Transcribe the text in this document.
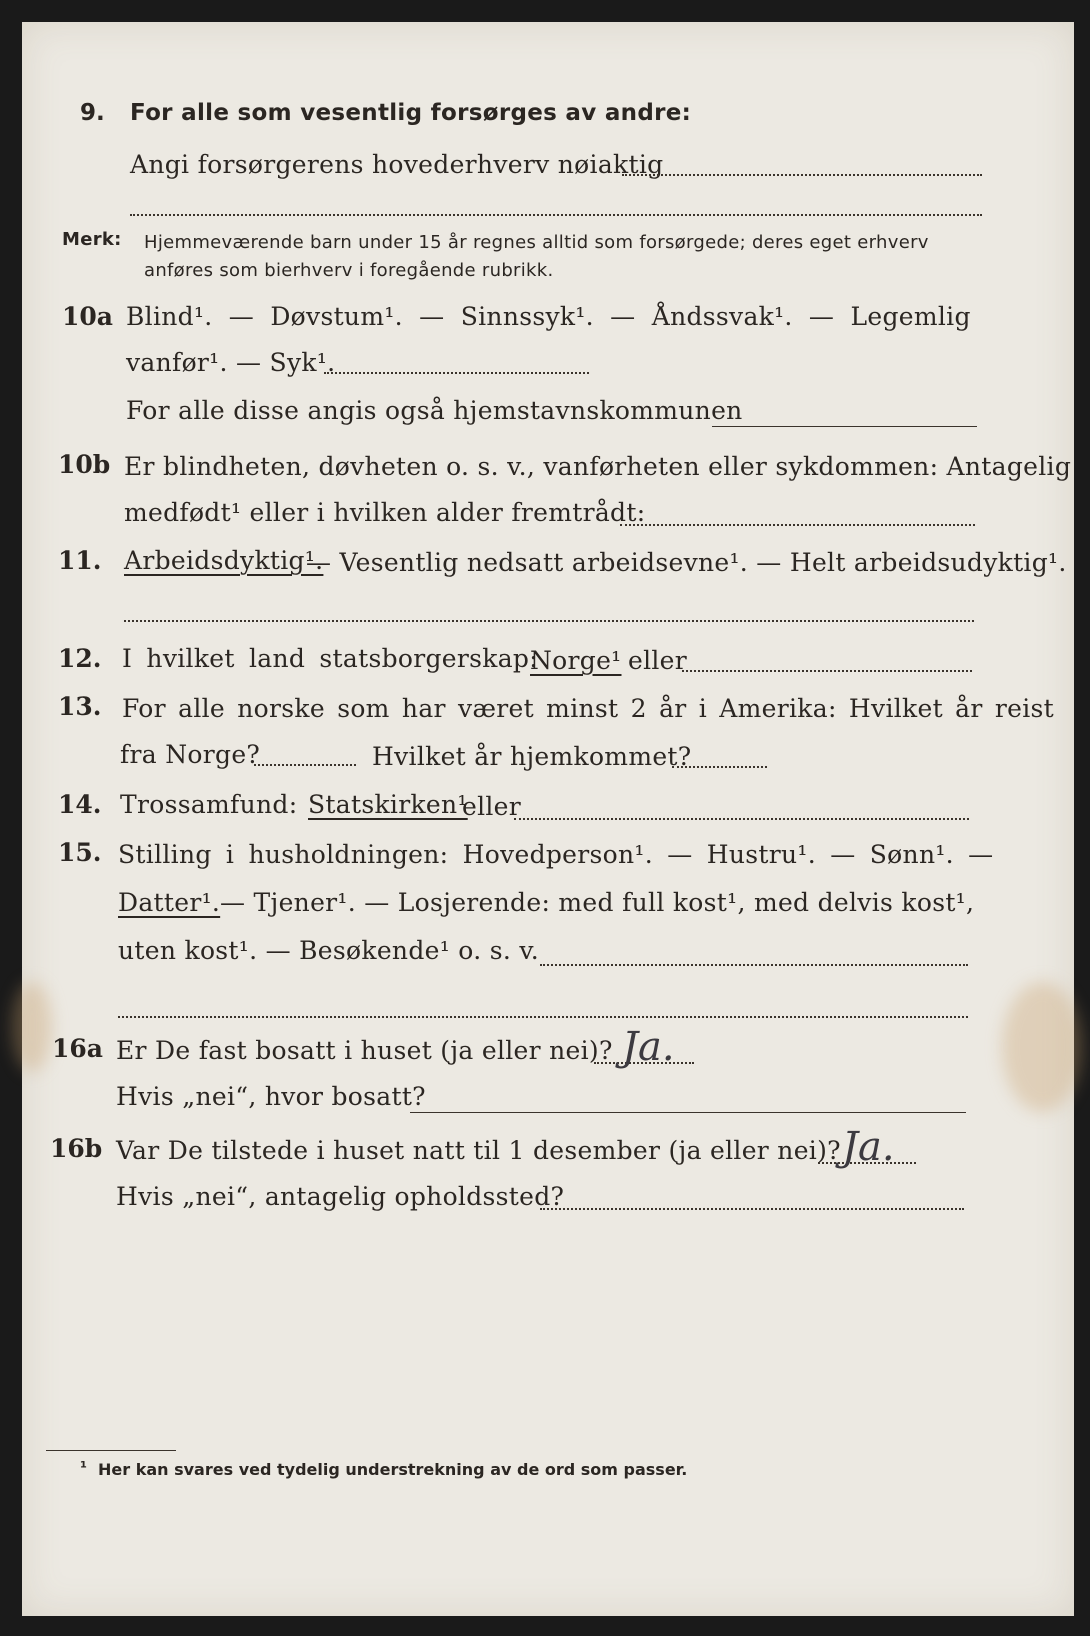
9. For alle som vesentlig forsørges av andre:
Angi forsørgerens hovederhverv nøiaktig
Merk: Hjemmeværende barn under 15 år regnes alltid som forsørgede; deres eget erhverv
anføres som bierhverv i foregående rubrikk.
10a Blind¹. — Døvstum¹. — Sinnssyk¹. — Åndssvak¹. — Legemlig
vanfør¹. — Syk¹.
For alle disse angis også hjemstavnskommunen
10b Er blindheten, døvheten o. s. v., vanførheten eller sykdommen: Antagelig
medfødt¹ eller i hvilken alder fremtrådt:
11. Arbeidsdyktig¹.
— Vesentlig nedsatt arbeidsevne¹. — Helt arbeidsudyktig¹.
12. I hvilket land statsborgerskap:
Norge¹ eller
13. For alle norske som har været minst 2 år i Amerika: Hvilket år reist
fra Norge?	Hvilket år hjemkommet?
14. Trossamfund: Statskirken¹
eller
15. Stilling i husholdningen: Hovedperson¹. — Hustru¹. — Sønn¹. —
Datter¹. — Tjener¹. — Losjerende: med full kost¹, med delvis kost¹,
uten kost¹. — Besøkende¹ o. s. v.
16a Er De fast bosatt i huset (ja eller nei)? Ja.
Hvis „nei“, hvor bosatt?
16b Var De tilstede i huset natt til 1 desember (ja eller nei)? Ja.
Hvis „nei“, antagelig opholdssted?
¹ Her kan svares ved tydelig understrekning av de ord som passer.
